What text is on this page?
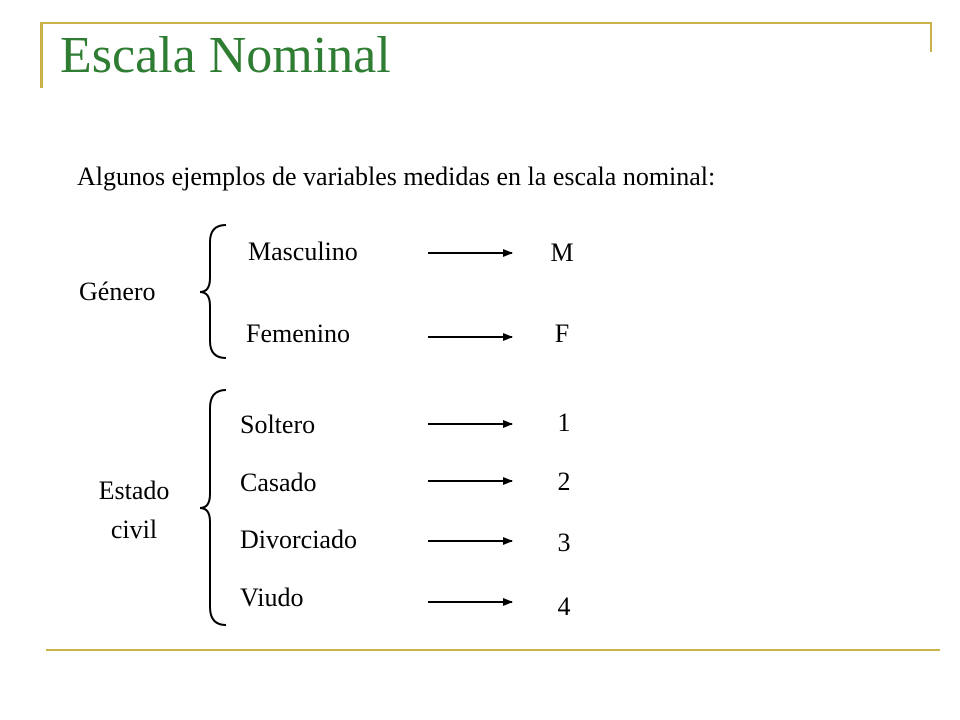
Escala Nominal
Algunos ejemplos de variables medidas en la escala nominal:
Género
Masculino
Femenino
M
F
Estado
civil
Soltero
Casado
Divorciado
Viudo
1
2
3
4
